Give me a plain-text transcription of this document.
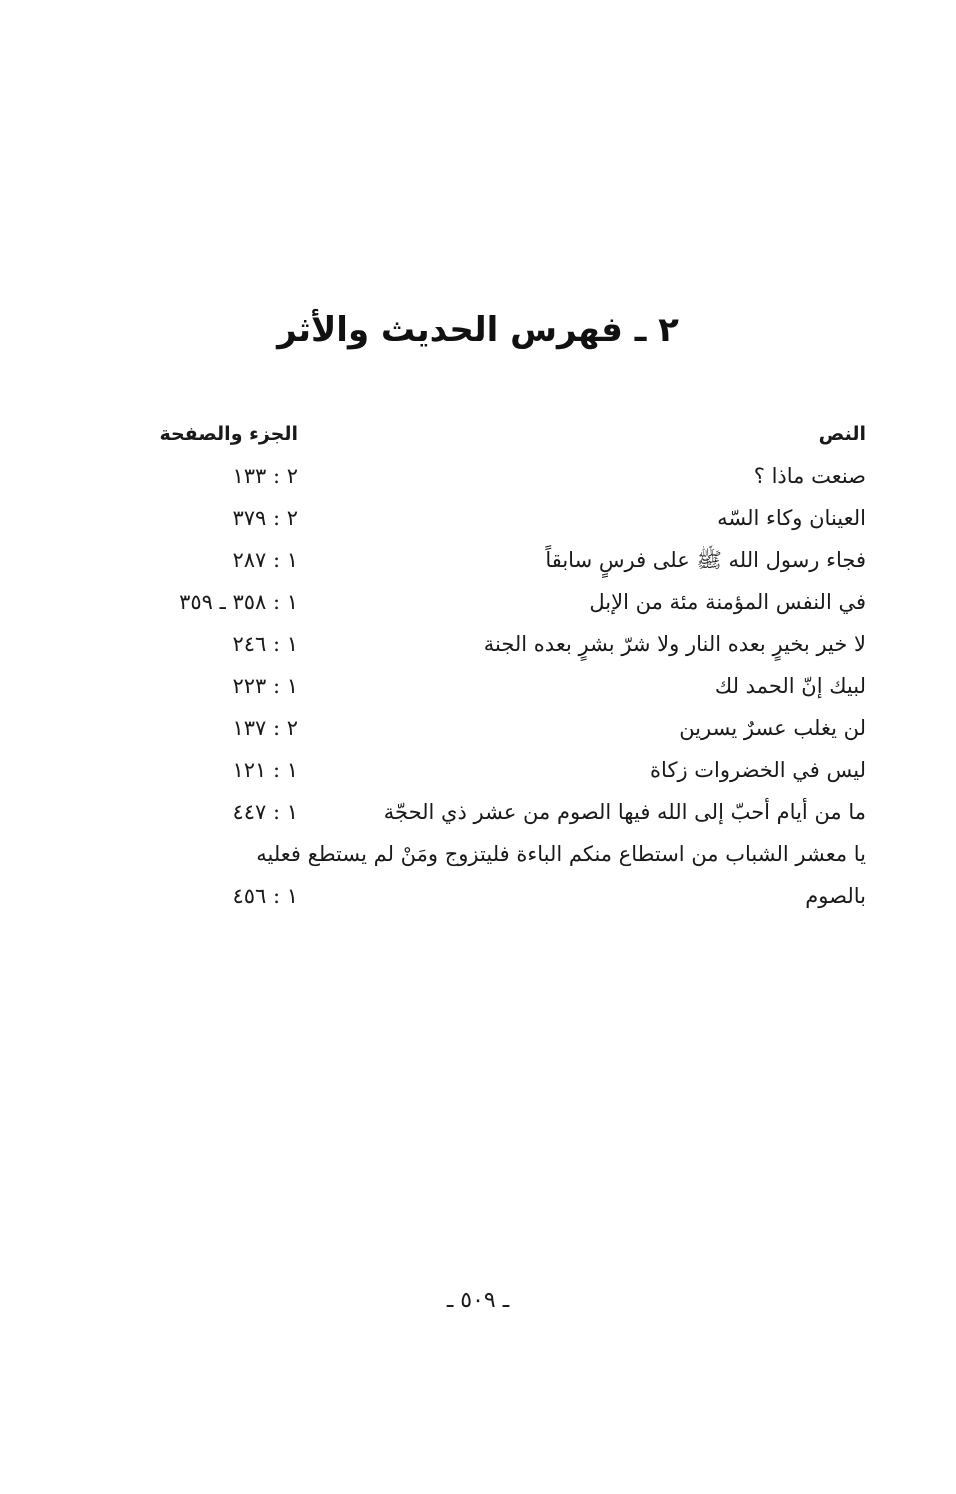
٢ ـ فهرس الحديث والأثر
النص
الجزء والصفحة
صنعت ماذا ؟
٢ : ١٣٣
العينان وكاء السّه
٢ : ٣٧٩
فجاء رسول الله ﷺ على فرسٍ سابقاً
١ : ٢٨٧
في النفس المؤمنة مئة من الإبل
١ : ٣٥٨ ـ ٣٥٩
لا خير بخيرٍ بعده النار ولا شرّ بشرٍ بعده الجنة
١ : ٢٤٦
لبيك إنّ الحمد لك
١ : ٢٢٣
لن يغلب عسرٌ يسرين
٢ : ١٣٧
ليس في الخضروات زكاة
١ : ١٢١
ما من أيام أحبّ إلى الله فيها الصوم من عشر ذي الحجّة
١ : ٤٤٧
يا معشر الشباب من استطاع منكم الباءة فليتزوج ومَنْ لم يستطع فعليه
بالصوم
١ : ٤٥٦
ـ ٥٠٩ ـ
